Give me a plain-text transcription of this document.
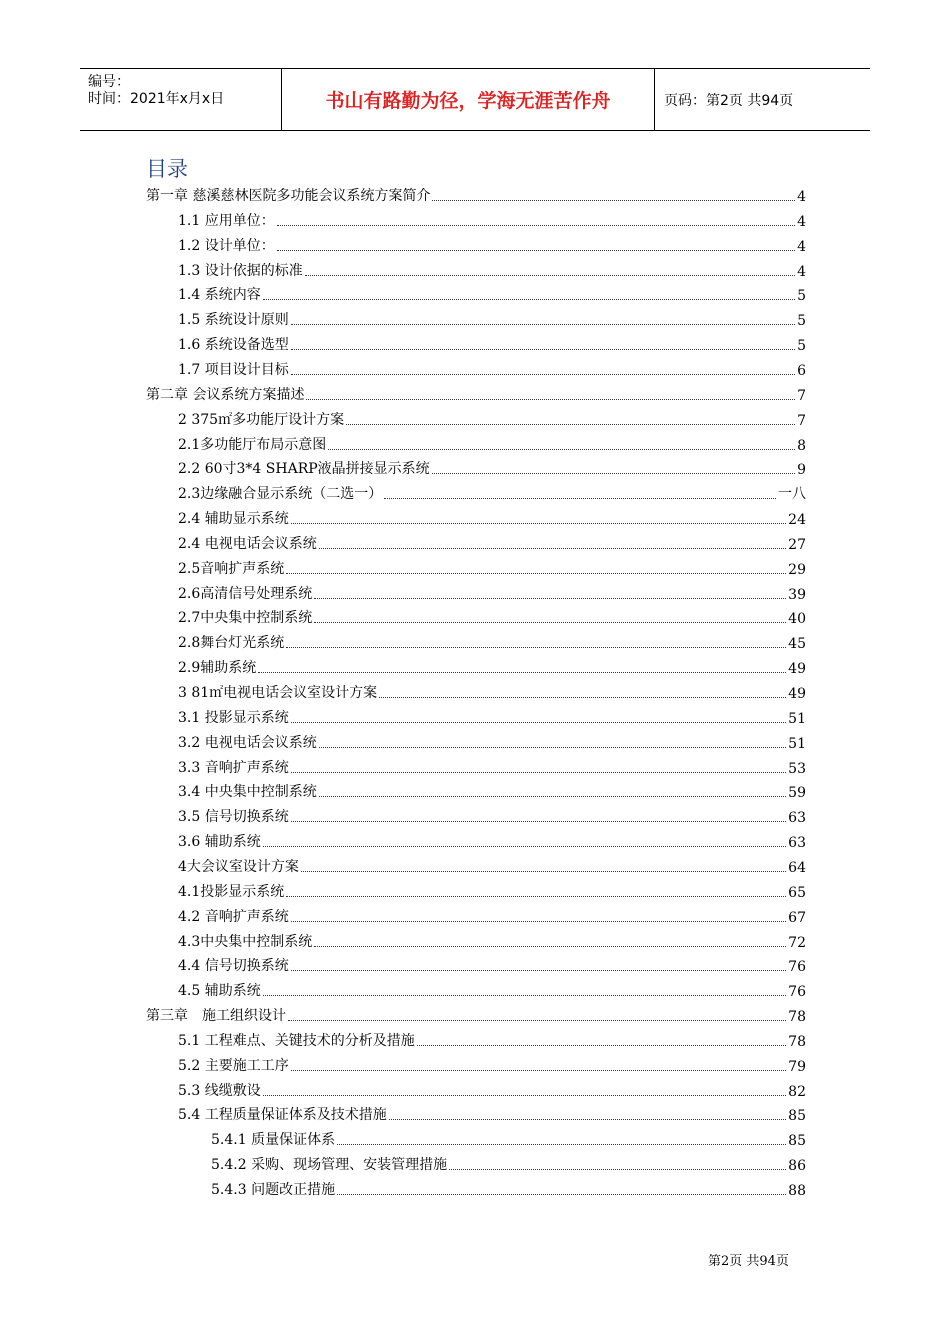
编号：
时间：2021年x月x日	书山有路勤为径，学海无涯苦作舟	页码：第2页 共94页
目录
第一章 慈溪慈林医院多功能会议系统方案简介	4
1.1 应用单位：	4
1.2 设计单位：	4
1.3 设计依据的标准	4
1.4 系统内容	5
1.5 系统设计原则	5
1.6 系统设备选型	5
1.7 项目设计目标	6
第二章 会议系统方案描述	7
2 375㎡多功能厅设计方案	7
2.1多功能厅布局示意图	8
2.2 60寸3*4 SHARP液晶拼接显示系统	9
2.3边缘融合显示系统（二选一）	一八
2.4 辅助显示系统	24
2.4 电视电话会议系统	27
2.5音响扩声系统	29
2.6高清信号处理系统	39
2.7中央集中控制系统	40
2.8舞台灯光系统	45
2.9辅助系统	49
3 81㎡电视电话会议室设计方案	49
3.1 投影显示系统	51
3.2 电视电话会议系统	51
3.3 音响扩声系统	53
3.4 中央集中控制系统	59
3.5 信号切换系统	63
3.6 辅助系统	63
4大会议室设计方案	64
4.1投影显示系统	65
4.2 音响扩声系统	67
4.3中央集中控制系统	72
4.4 信号切换系统	76
4.5 辅助系统	76
第三章　施工组织设计	78
5.1 工程难点、关键技术的分析及措施	78
5.2 主要施工工序	79
5.3 线缆敷设	82
5.4 工程质量保证体系及技术措施	85
5.4.1 质量保证体系	85
5.4.2 采购、现场管理、安装管理措施	86
5.4.3 问题改正措施	88
第2页 共94页
